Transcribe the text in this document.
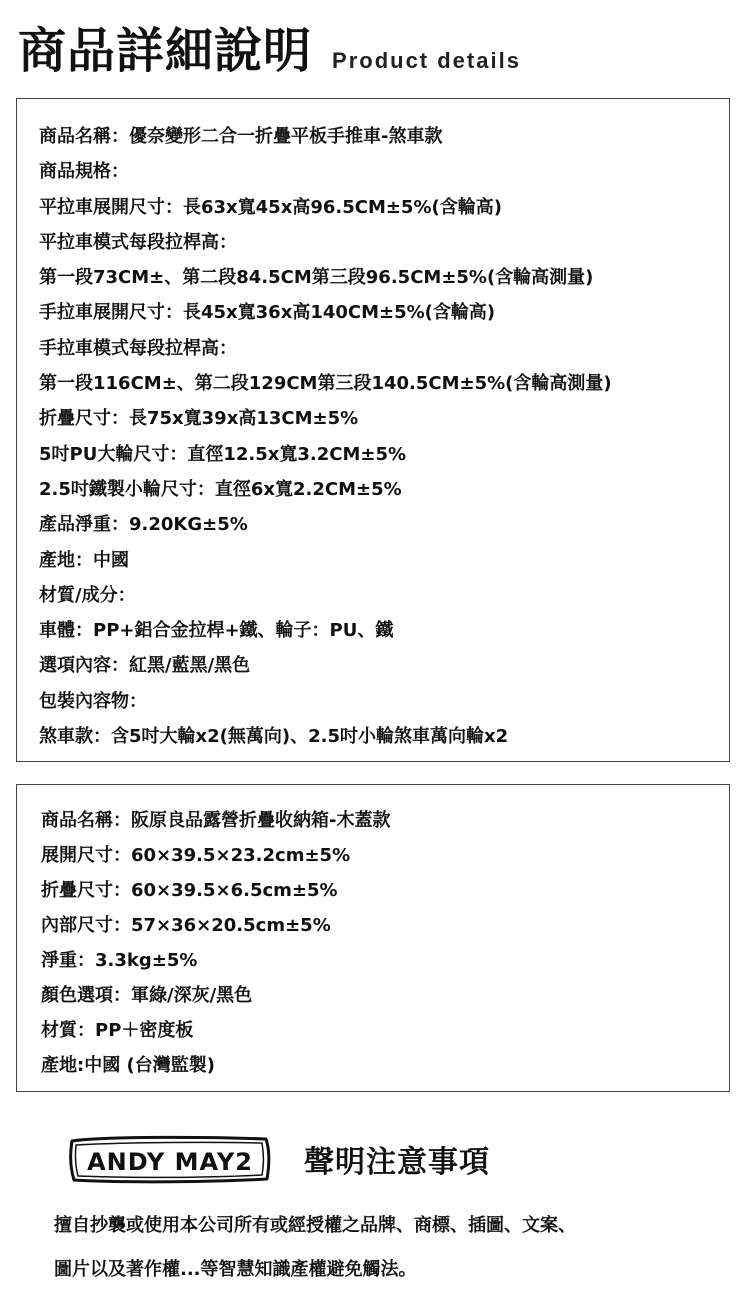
商品詳細說明 Product details
商品名稱：優奈變形二合一折疊平板手推車-煞車款
商品規格：
平拉車展開尺寸：長63x寬45x高96.5CM±5%(含輪高)
平拉車模式每段拉桿高：
第一段73CM±、第二段84.5CM第三段96.5CM±5%(含輪高測量)
手拉車展開尺寸：長45x寬36x高140CM±5%(含輪高)
手拉車模式每段拉桿高：
第一段116CM±、第二段129CM第三段140.5CM±5%(含輪高測量)
折疊尺寸：長75x寬39x高13CM±5%
5吋PU大輪尺寸：直徑12.5x寬3.2CM±5%
2.5吋鐵製小輪尺寸：直徑6x寬2.2CM±5%
產品淨重：9.20KG±5%
產地：中國
材質/成分：
車體：PP+鋁合金拉桿+鐵、輪子：PU、鐵
選項內容：紅黑/藍黑/黑色
包裝內容物：
煞車款：含5吋大輪x2(無萬向)、2.5吋小輪煞車萬向輪x2
商品名稱：阪原良品露營折疊收納箱-木蓋款
展開尺寸：60×39.5×23.2cm±5%
折疊尺寸：60×39.5×6.5cm±5%
內部尺寸：57×36×20.5cm±5%
淨重：3.3kg±5%
顏色選項：軍綠/深灰/黑色
材質：PP＋密度板
產地:中國 (台灣監製)
ANDY MAY2 聲明注意事項
擅自抄襲或使用本公司所有或經授權之品牌、商標、插圖、文案、
圖片以及著作權...等智慧知識產權避免觸法。
